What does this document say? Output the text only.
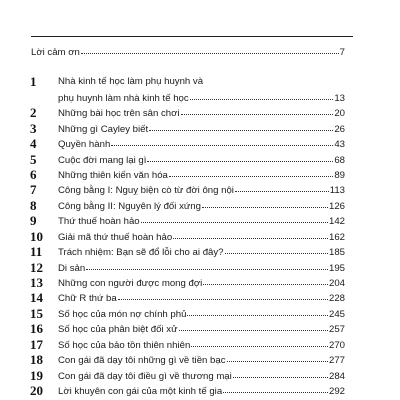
Lời cảm ơn	7
1 Nhà kinh tế học làm phụ huynh và
phụ huynh làm nhà kinh tế học	13
2 Những bài học trên sân chơi	20
3 Những gì Cayley biết	26
4 Quyền hành	43
5 Cuộc đời mang lại gì	68
6 Những thiên kiến văn hóa	89
7 Công bằng I: Nguỵ biện cò từ đời ông nội	113
8 Công bằng II: Nguyên lý đối xứng	126
9 Thứ thuế hoàn hảo	142
10 Giải mã thứ thuế hoàn hảo	162
11 Trách nhiệm: Bạn sẽ đổ lỗi cho ai đây?	185
12 Di sản	195
13 Những con người được mong đợi	204
14 Chữ R thứ ba	228
15 Số học của món nợ chính phủ	245
16 Số học của phân biệt đối xử	257
17 Số học của bảo tồn thiên nhiên	270
18 Con gái đã dạy tôi những gì về tiền bạc	277
19 Con gái đã dạy tôi điều gì về thương mại	284
20 Lời khuyên con gái của một kinh tế gia	292
